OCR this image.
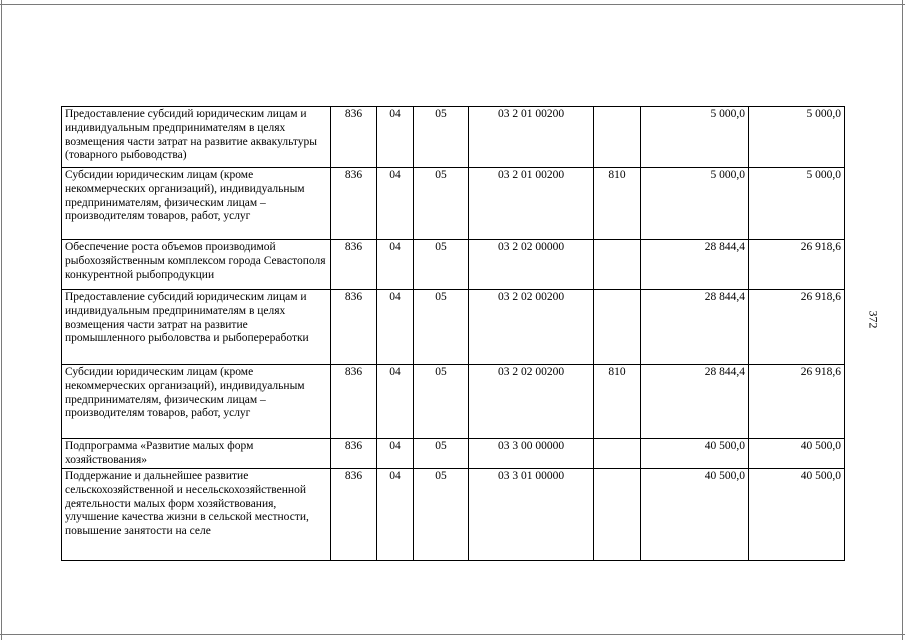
Предоставление субсидий юридическим лицам и индивидуальным предпринимателям в целях возмещения части затрат на развитие аквакультуры (товарного рыбоводства)	836	04	05	03 2 01 00200		5 000,0	5 000,0
Субсидии юридическим лицам (кроме некоммерческих организаций), индивидуальным предпринимателям, физическим лицам – производителям товаров, работ, услуг	836	04	05	03 2 01 00200	810	5 000,0	5 000,0
Обеспечение роста объемов производимой рыбохозяйственным комплексом города Севастополя конкурентной рыбопродукции	836	04	05	03 2 02 00000		28 844,4	26 918,6
Предоставление субсидий юридическим лицам и индивидуальным предпринимателям в целях возмещения части затрат на развитие промышленного рыболовства и рыбопереработки	836	04	05	03 2 02 00200		28 844,4	26 918,6
Субсидии юридическим лицам (кроме некоммерческих организаций), индивидуальным предпринимателям, физическим лицам – производителям товаров, работ, услуг	836	04	05	03 2 02 00200	810	28 844,4	26 918,6
Подпрограмма «Развитие малых форм хозяйствования»	836	04	05	03 3 00 00000		40 500,0	40 500,0
Поддержание и дальнейшее развитие сельскохозяйственной и несельскохозяйственной деятельности малых форм хозяйствования, улучшение качества жизни в сельской местности, повышение занятости на селе	836	04	05	03 3 01 00000		40 500,0	40 500,0
372
